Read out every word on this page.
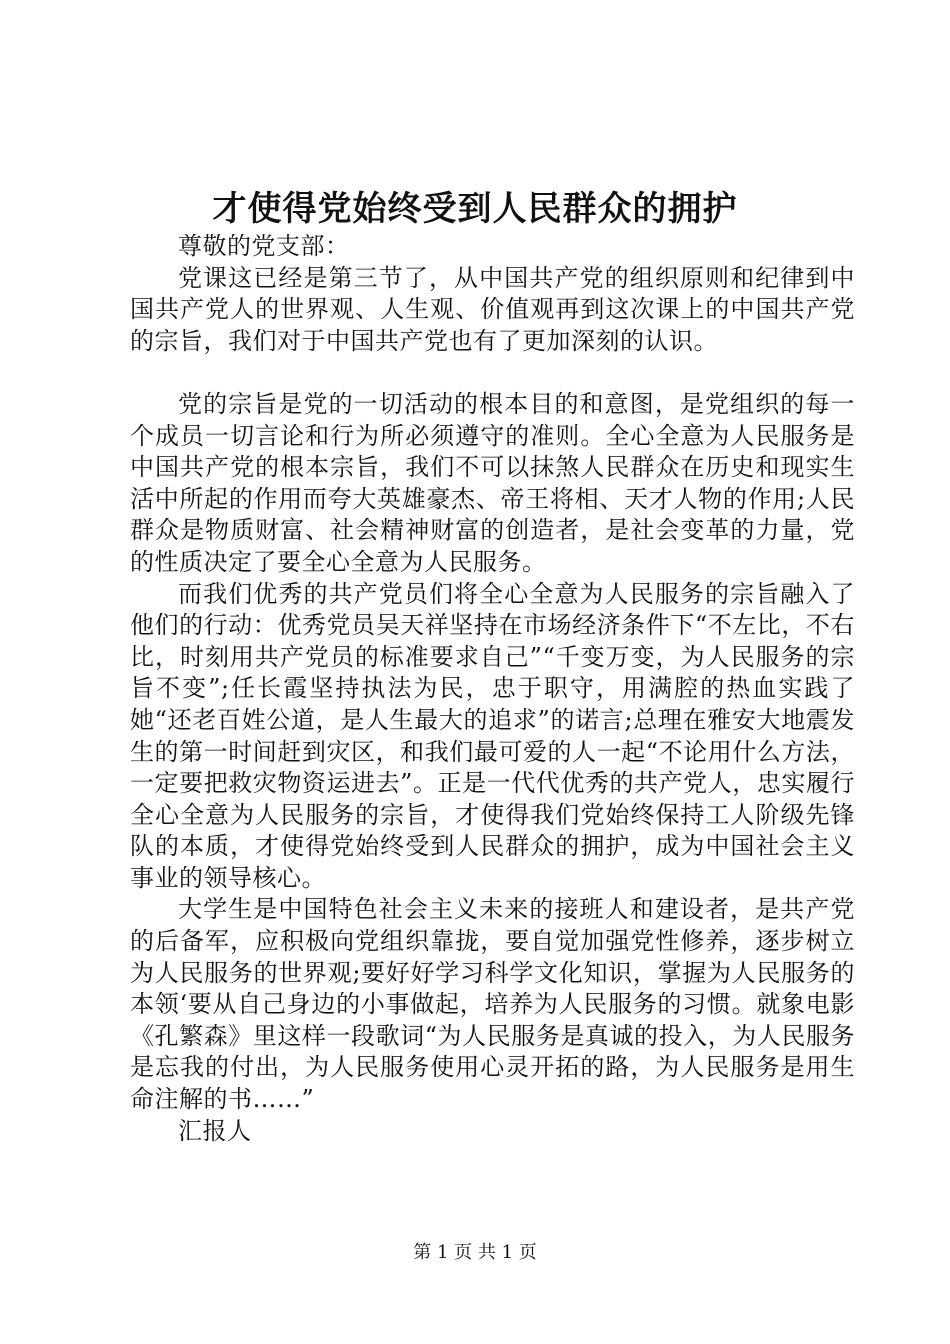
才使得党始终受到人民群众的拥护

尊敬的党支部：

党课这已经是第三节了，从中国共产党的组织原则和纪律到中国共产党人的世界观、人生观、价值观再到这次课上的中国共产党的宗旨，我们对于中国共产党也有了更加深刻的认识。

党的宗旨是党的一切活动的根本目的和意图，是党组织的每一个成员一切言论和行为所必须遵守的准则。全心全意为人民服务是中国共产党的根本宗旨，我们不可以抹煞人民群众在历史和现实生活中所起的作用而夸大英雄豪杰、帝王将相、天才人物的作用;人民群众是物质财富、社会精神财富的创造者，是社会变革的力量，党的性质决定了要全心全意为人民服务。

而我们优秀的共产党员们将全心全意为人民服务的宗旨融入了他们的行动：优秀党员吴天祥坚持在市场经济条件下“不左比，不右比，时刻用共产党员的标准要求自己”“千变万变，为人民服务的宗旨不变”;任长霞坚持执法为民，忠于职守，用满腔的热血实践了她“还老百姓公道，是人生最大的追求”的诺言;总理在雅安大地震发生的第一时间赶到灾区，和我们最可爱的人一起“不论用什么方法，一定要把救灾物资运进去”。正是一代代优秀的共产党人，忠实履行全心全意为人民服务的宗旨，才使得我们党始终保持工人阶级先锋队的本质，才使得党始终受到人民群众的拥护，成为中国社会主义事业的领导核心。

大学生是中国特色社会主义未来的接班人和建设者，是共产党的后备军，应积极向党组织靠拢，要自觉加强党性修养，逐步树立为人民服务的世界观;要好好学习科学文化知识，掌握为人民服务的本领‘要从自己身边的小事做起，培养为人民服务的习惯。就象电影《孔繁森》里这样一段歌词“为人民服务是真诚的投入，为人民服务是忘我的付出，为人民服务使用心灵开拓的路，为人民服务是用生命注解的书……”

汇报人

第 1 页 共 1 页
